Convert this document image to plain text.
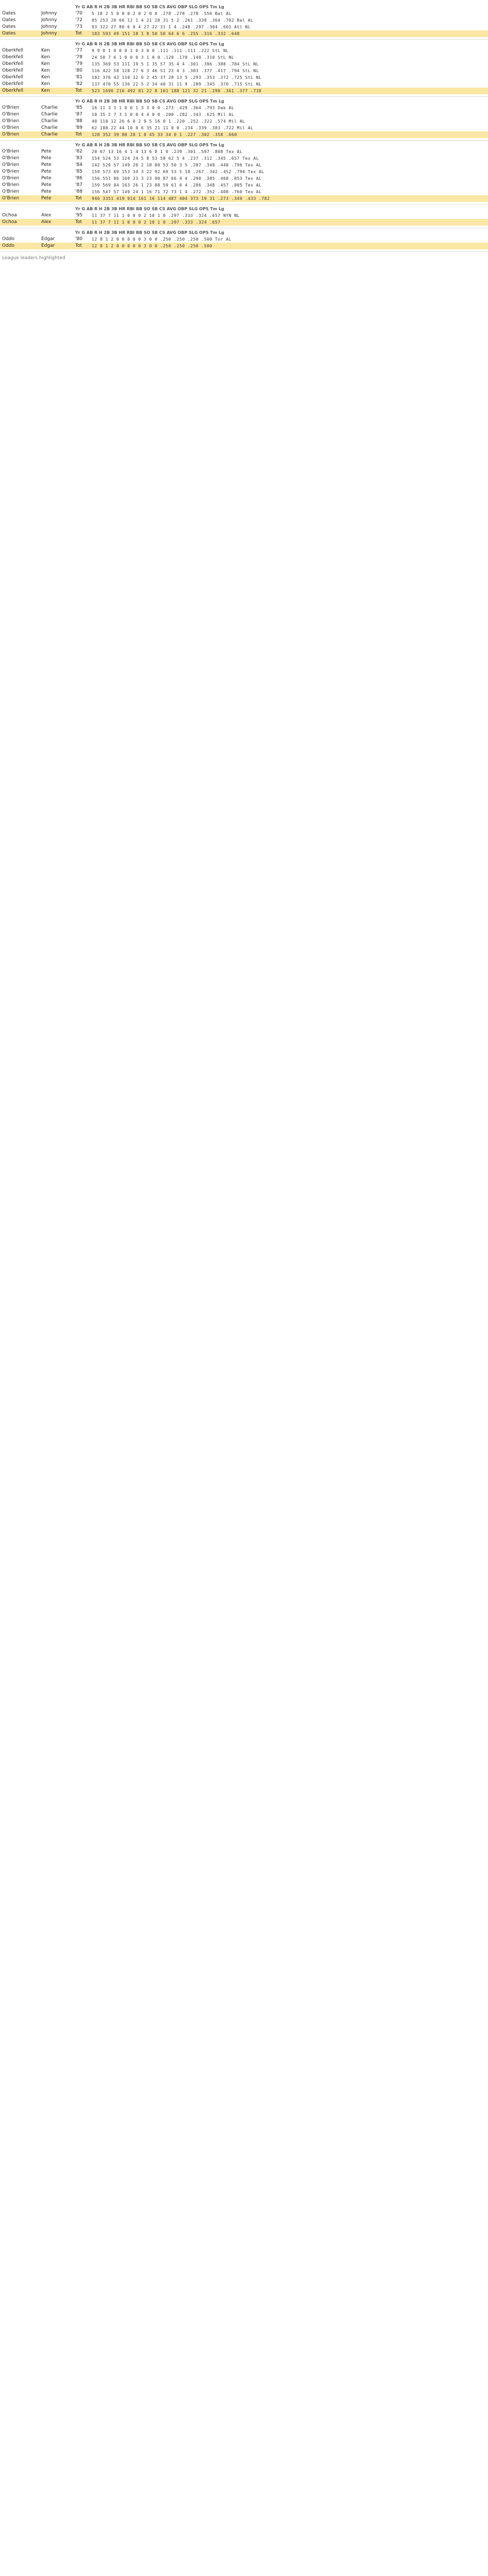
Yr G AB R H 2B 3B HR RBI BB SO SB CS AVG OBP SLG OPS Tm Lg
Oates	Johnny	'70	5 18 2 5 0 0 0 2 0 2 0 0 .278 .278 .278 .556 Bal AL
Oates	Johnny	'72	85 253 20 66 12 1 4 21 28 31 5 2 .261 .338 .364 .702 Bal AL
Oates	Johnny	'73	93 322 27 80 6 0 4 27 22 31 1 4 .248 .297 .304 .601 Atl NL
Oates	Johnny	Tot	183 593 49 151 18 1 8 50 50 64 6 6 .255 .316 .332 .648
Yr G AB R H 2B 3B HR RBI BB SO SB CS AVG OBP SLG OPS Tm Lg
Oberkfell	Ken	'77	9 9 0 1 0 0 0 1 0 3 0 0 .111 .111 .111 .222 StL NL
Oberkfell	Ken	'78	24 50 7 6 1 0 0 0 3 1 0 0 .120 .170 .140 .310 StL NL
Oberkfell	Ken	'79	135 369 53 111 19 5 1 35 57 35 4 4 .301 .396 .388 .784 StL NL
Oberkfell	Ken	'80	116 422 58 128 27 6 3 46 51 23 4 3 .303 .377 .417 .794 StL NL
Oberkfell	Ken	'81	102 376 43 110 12 6 2 45 37 28 13 5 .293 .353 .372 .725 StL NL
Oberkfell	Ken	'82	137 470 55 136 22 5 2 34 40 31 11 9 .289 .345 .370 .715 StL NL
Oberkfell	Ken	Tot	523 1696 216 492 81 22 8 161 188 121 32 21 .290 .361 .377 .738
Yr G AB R H 2B 3B HR RBI BB SO SB CS AVG OBP SLG OPS Tm Lg
O'Brien	Charlie	'85	16 11 3 3 1 0 0 1 3 3 0 0 .273 .429 .364 .793 Oak AL
O'Brien	Charlie	'87	10 35 2 7 3 1 0 0 4 4 0 0 .200 .282 .343 .625 Mil AL
O'Brien	Charlie	'88	40 118 12 26 6 0 2 9 5 16 0 1 .220 .252 .322 .574 Mil AL
O'Brien	Charlie	'89	62 188 22 44 10 0 6 35 21 11 0 0 .234 .339 .383 .722 Mil AL
O'Brien	Charlie	Tot	128 352 39 80 20 1 8 45 33 34 0 1 .227 .302 .358 .660
Yr G AB R H 2B 3B HR RBI BB SO SB CS AVG OBP SLG OPS Tm Lg
O'Brien	Pete	'82	20 67 13 16 4 1 4 13 6 8 1 0 .239 .301 .507 .808 Tex AL
O'Brien	Pete	'83	154 524 53 124 24 5 8 53 58 62 5 4 .237 .312 .345 .657 Tex AL
O'Brien	Pete	'84	142 520 57 149 26 2 18 80 53 50 3 5 .287 .348 .448 .796 Tex AL
O'Brien	Pete	'85	159 573 69 153 34 3 22 92 69 53 5 10 .267 .342 .452 .794 Tex AL
O'Brien	Pete	'86	156 551 86 160 23 3 23 90 87 66 4 4 .290 .385 .468 .853 Tex AL
O'Brien	Pete	'87	159 569 84 163 26 1 23 88 59 61 0 4 .286 .348 .457 .805 Tex AL
O'Brien	Pete	'88	156 547 57 149 24 1 16 71 72 73 1 4 .272 .352 .408 .760 Tex AL
O'Brien	Pete	Tot	946 3351 419 914 161 16 114 487 404 373 19 31 .273 .349 .433 .782
Yr G AB R H 2B 3B HR RBI BB SO SB CS AVG OBP SLG OPS Tm Lg
Ochoa	Alex	'95	11 37 7 11 1 0 0 0 2 10 1 0 .297 .333 .324 .657 NYN NL
Ochoa	Alex	Tot	11 37 7 11 1 0 0 0 2 10 1 0 .297 .333 .324 .657
Yr G AB R H 2B 3B HR RBI BB SO SB CS AVG OBP SLG OPS Tm Lg
Oddo	Edgar	'80	12 8 1 2 0 0 0 0 0 3 0 0 .250 .250 .250 .500 Tor AL
Oddo	Edgar	Tot	12 8 1 2 0 0 0 0 0 3 0 0 .250 .250 .250 .500
League leaders highlighted
